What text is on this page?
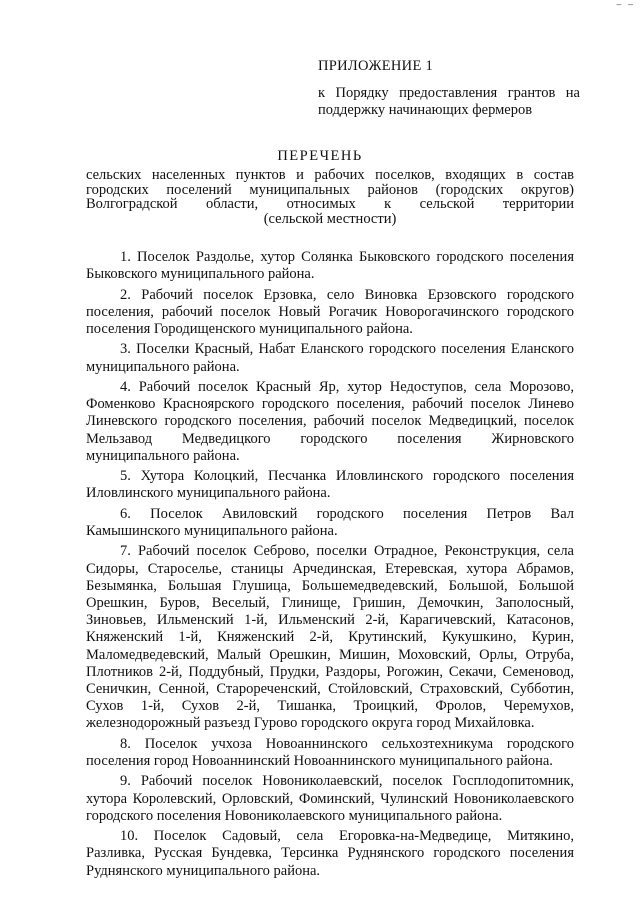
— —
ПРИЛОЖЕНИЕ 1
к Порядку предоставления грантов на поддержку начинающих фермеров
ПЕРЕЧЕНЬ
сельских населенных пунктов и рабочих поселков, входящих в состав
городских поселений муниципальных районов (городских округов)
Волгоградской области, относимых к сельской территории
(сельской местности)

1. Поселок Раздолье, хутор Солянка Быковского городского поселения Быковского муниципального района.

2. Рабочий поселок Ерзовка, село Виновка Ерзовского городского поселения, рабочий поселок Новый Рогачик Новорогачинского городского поселения Городищенского муниципального района.

3. Поселки Красный, Набат Еланского городского поселения Еланского муниципального района.

4. Рабочий поселок Красный Яр, хутор Недоступов, села Морозово, Фоменково Красноярского городского поселения, рабочий поселок Линево Линевского городского поселения, рабочий поселок Медведицкий, поселок Мельзавод Медведицкого городского поселения Жирновского муниципального района.

5. Хутора Колоцкий, Песчанка Иловлинского городского поселения Иловлинского муниципального района.

6. Поселок Авиловский городского поселения Петров Вал Камышинского муниципального района.

7. Рабочий поселок Себрово, поселки Отрадное, Реконструкция, села Сидоры, Староселье, станицы Арчединская, Етеревская, хутора Абрамов, Безымянка, Большая Глушица, Большемедведевский, Большой, Большой Орешкин, Буров, Веселый, Глинище, Гришин, Демочкин, Заполосный, Зиновьев, Ильменский 1-й, Ильменский 2-й, Карагичевский, Катасонов, Княженский 1-й, Княженский 2-й, Крутинский, Кукушкино, Курин, Маломедведевский, Малый Орешкин, Мишин, Моховский, Орлы, Отруба, Плотников 2-й, Поддубный, Прудки, Раздоры, Рогожин, Секачи, Семеновод, Сеничкин, Сенной, Старореченский, Стойловский, Страховский, Субботин, Сухов 1-й, Сухов 2-й, Тишанка, Троицкий, Фролов, Черемухов, железнодорожный разъезд Гурово городского округа город Михайловка.

8. Поселок учхоза Новоаннинского сельхозтехникума городского поселения город Новоаннинский Новоаннинского муниципального района.

9. Рабочий поселок Новониколаевский, поселок Госплодопитомник, хутора Королевский, Орловский, Фоминский, Чулинский Новониколаевского городского поселения Новониколаевского муниципального района.

10. Поселок Садовый, села Егоровка-на-Медведице, Митякино, Разливка, Русская Бундевка, Терсинка Руднянского городского поселения Руднянского муниципального района.
